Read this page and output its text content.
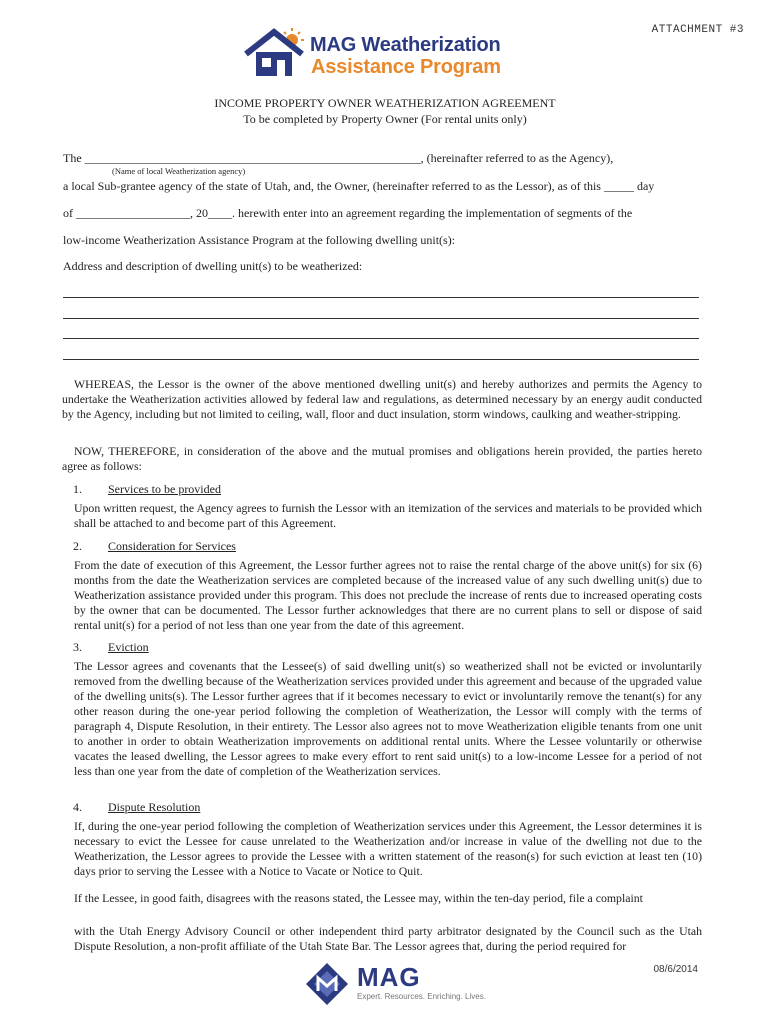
ATTACHMENT #3
MAG Weatherization
Assistance Program
INCOME PROPERTY OWNER WEATHERIZATION AGREEMENT
To be completed by Property Owner (For rental units only)
The ________________________________________________________, (hereinafter referred to as the Agency),
(Name of local Weatherization agency)
a local Sub-grantee agency of the state of Utah, and, the Owner, (hereinafter referred to as the Lessor), as of this _____ day
of ___________________, 20____. herewith enter into an agreement regarding the implementation of segments of the
low-income Weatherization Assistance Program at the following dwelling unit(s):
Address and description of dwelling unit(s) to be weatherized:
WHEREAS, the Lessor is the owner of the above mentioned dwelling unit(s) and hereby authorizes and permits the Agency to undertake the Weatherization activities allowed by federal law and regulations, as determined necessary by an energy audit conducted by the Agency, including but not limited to ceiling, wall, floor and duct insulation, storm windows, caulking and weather-stripping.
NOW, THEREFORE, in consideration of the above and the mutual promises and obligations herein provided, the parties hereto agree as follows:
1. Services to be provided
Upon written request, the Agency agrees to furnish the Lessor with an itemization of the services and materials to be provided which shall be attached to and become part of this Agreement.
2. Consideration for Services
From the date of execution of this Agreement, the Lessor further agrees not to raise the rental charge of the above unit(s) for six (6) months from the date the Weatherization services are completed because of the increased value of any such dwelling unit(s) due to Weatherization assistance provided under this program. This does not preclude the increase of rents due to increased operating costs by the owner that can be documented. The Lessor further acknowledges that there are no current plans to sell or dispose of said rental unit(s) for a period of not less than one year from the date of this agreement.
3. Eviction
The Lessor agrees and covenants that the Lessee(s) of said dwelling unit(s) so weatherized shall not be evicted or involuntarily removed from the dwelling because of the Weatherization services provided under this agreement and because of the upgraded value of the dwelling units(s). The Lessor further agrees that if it becomes necessary to evict or involuntarily remove the tenant(s) for any other reason during the one-year period following the completion of Weatherization, the Lessor will comply with the terms of paragraph 4, Dispute Resolution, in their entirety. The Lessor also agrees not to move Weatherization eligible tenants from one unit to another in order to obtain Weatherization improvements on additional rental units. Where the Lessee voluntarily or otherwise vacates the leased dwelling, the Lessor agrees to make every effort to rent said unit(s) to a low-income Lessee for a period of not less than one year from the date of completion of the Weatherization services.
4. Dispute Resolution
If, during the one-year period following the completion of Weatherization services under this Agreement, the Lessor determines it is necessary to evict the Lessee for cause unrelated to the Weatherization and/or increase in value of the dwelling not due to the Weatherization, the Lessor agrees to provide the Lessee with a written statement of the reason(s) for such eviction at least ten (10) days prior to serving the Lessee with a Notice to Vacate or Notice to Quit.
If the Lessee, in good faith, disagrees with the reasons stated, the Lessee may, within the ten-day period, file a complaint
with the Utah Energy Advisory Council or other independent third party arbitrator designated by the Council such as the Utah Dispute Resolution, a non-profit affiliate of the Utah State Bar. The Lessor agrees that, during the period required for
MAG
Expert. Resources. Enriching. Lives.
08/6/2014
